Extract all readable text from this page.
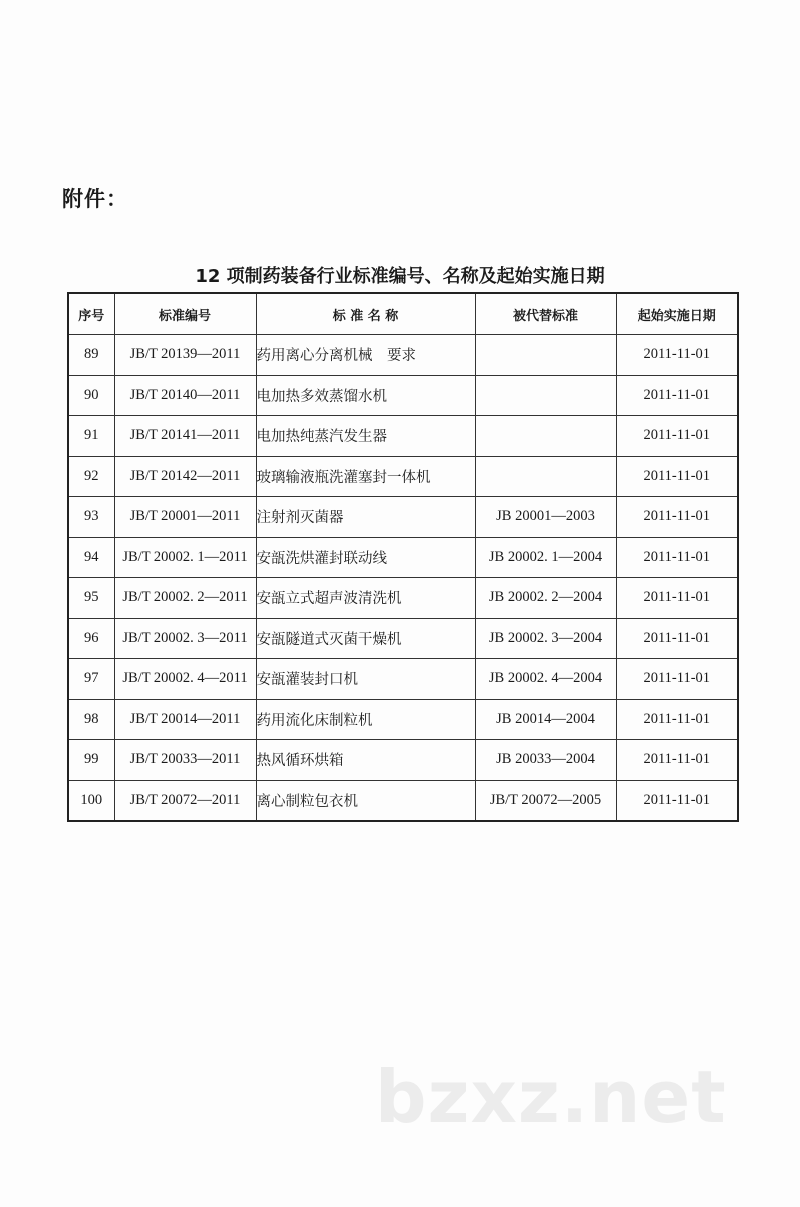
附件：
12 项制药装备行业标准编号、名称及起始实施日期
序号	标准编号	标 准 名 称	被代替标准	起始实施日期
89	JB/T 20139—2011	药用离心分离机械　要求		2011-11-01
90	JB/T 20140—2011	电加热多效蒸馏水机		2011-11-01
91	JB/T 20141—2011	电加热纯蒸汽发生器		2011-11-01
92	JB/T 20142—2011	玻璃输液瓶洗灌塞封一体机		2011-11-01
93	JB/T 20001—2011	注射剂灭菌器	JB 20001—2003	2011-11-01
94	JB/T 20002. 1—2011	安瓿洗烘灌封联动线	JB 20002. 1—2004	2011-11-01
95	JB/T 20002. 2—2011	安瓿立式超声波清洗机	JB 20002. 2—2004	2011-11-01
96	JB/T 20002. 3—2011	安瓿隧道式灭菌干燥机	JB 20002. 3—2004	2011-11-01
97	JB/T 20002. 4—2011	安瓿灌装封口机	JB 20002. 4—2004	2011-11-01
98	JB/T 20014—2011	药用流化床制粒机	JB 20014—2004	2011-11-01
99	JB/T 20033—2011	热风循环烘箱	JB 20033—2004	2011-11-01
100	JB/T 20072—2011	离心制粒包衣机	JB/T 20072—2005	2011-11-01
bzxz.net
